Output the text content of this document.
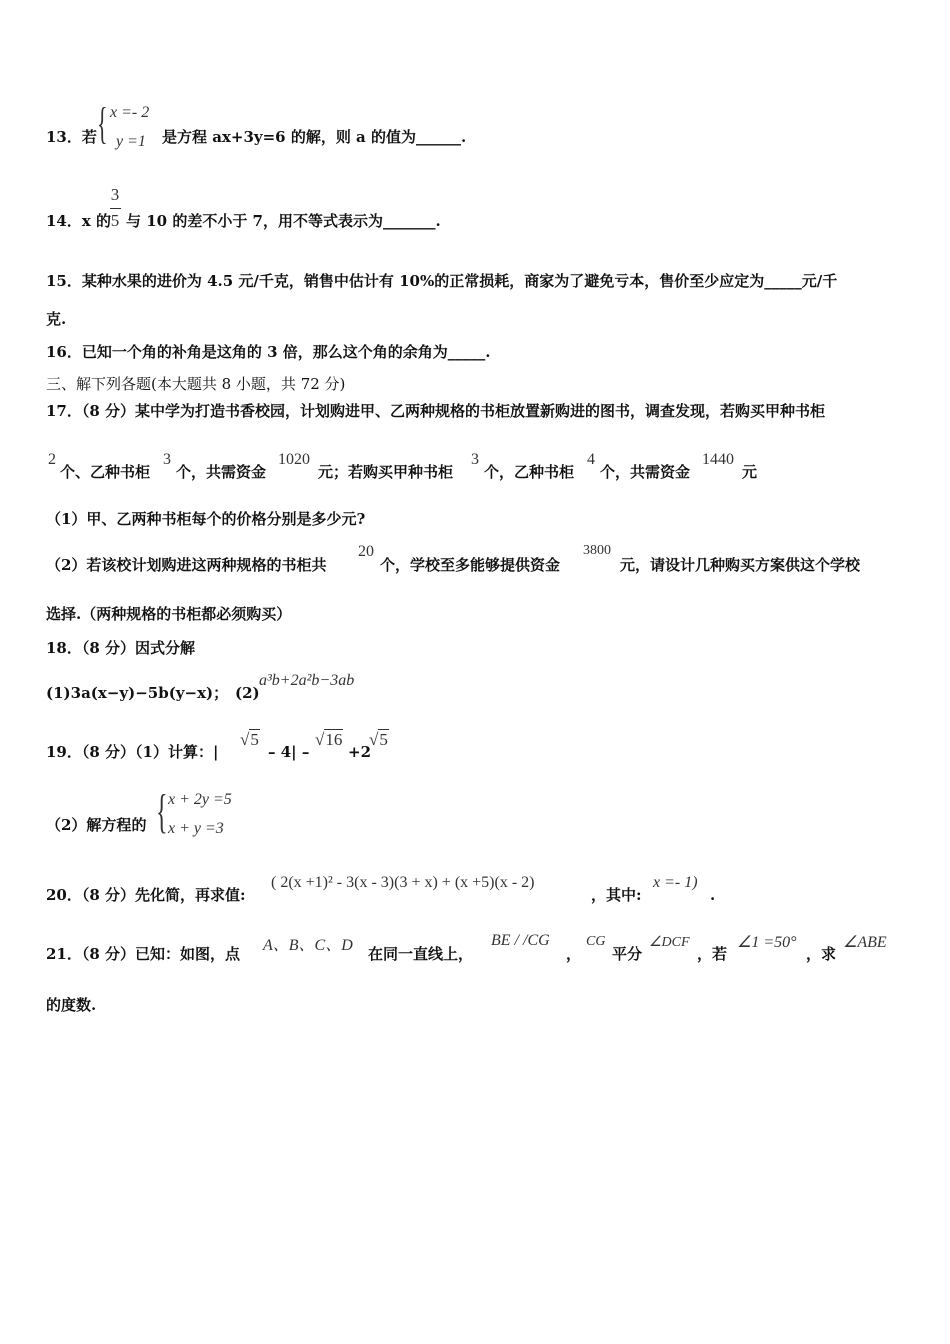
13．若 { x =- 2
y =1 是方程 ax+3y=6 的解，则 a 的值为______.
14．x 的
3
5 与 10 的差不小于 7，用不等式表示为_______.
15．某种水果的进价为 4.5 元/千克，销售中估计有 10%的正常损耗，商家为了避免亏本，售价至少应定为_____元/千
克.
16．已知一个角的补角是这角的 3 倍，那么这个角的余角为_____.
三、解下列各题(本大题共 8 小题，共 72 分)
17．（8 分）某中学为打造书香校园，计划购进甲、乙两种规格的书柜放置新购进的图书，调查发现，若购买甲种书柜
2
个、乙种书柜
3
个，共需资金
1020
元；若购买甲种书柜
3
个，乙种书柜
4
个，共需资金
1440
元
（1）甲、乙两种书柜每个的价格分别是多少元?
（2）若该校计划购进这两种规格的书柜共
20
个，学校至多能够提供资金
3800
元，请设计几种购买方案供这个学校
选择.（两种规格的书柜都必须购买）
18．（8 分）因式分解
(1)3a(x−y)−5b(y−x)； (2)
a³b+2a²b−3ab
19．（8 分）（1）计算：|
√5
– 4| –
√16
+2
√5
（2）解方程的 { x + 2y =5
x + y =3
20．（8 分）先化简，再求值:
( 2(x +1)² - 3(x - 3)(3 + x) + (x +5)(x - 2)
，其中:
x =- 1)
.
21．（8 分）已知：如图，点 A、B、C、D 在同一直线上，
BE / /CG
，
CG
平分
∠DCF
，若
∠1 =50°
，求
∠ABE
的度数.
